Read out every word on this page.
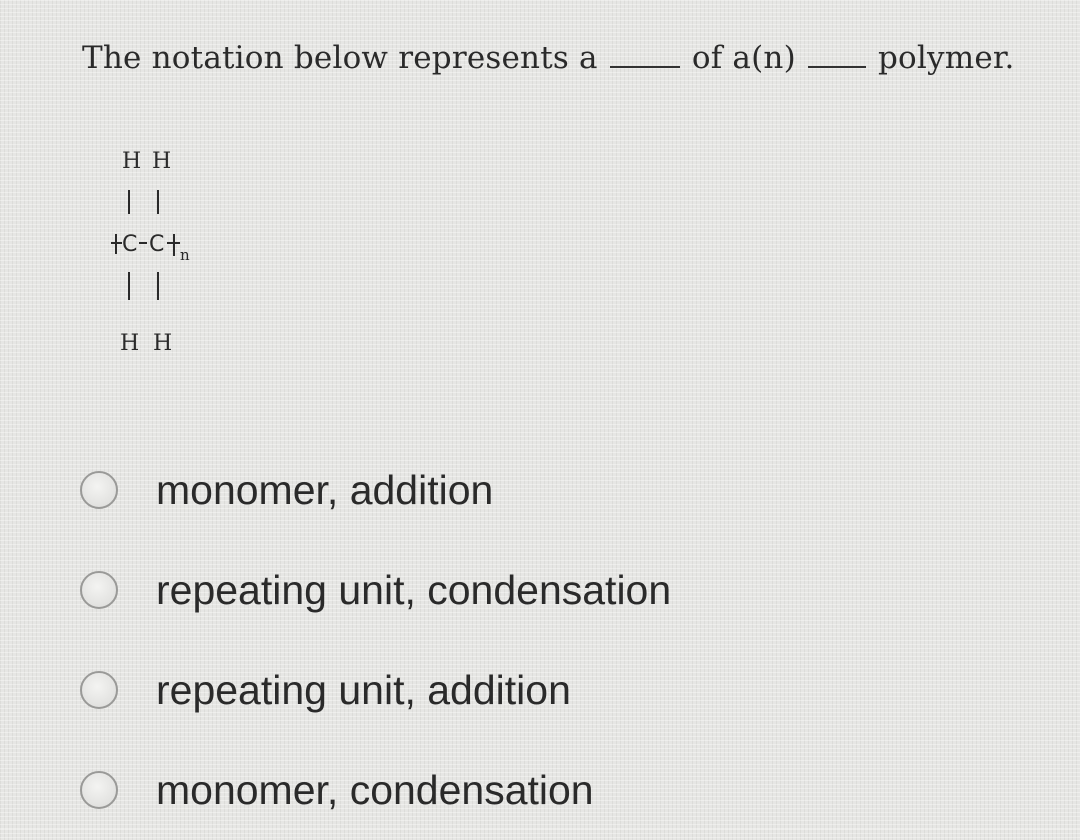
The notation below represents a	of a(n)	polymer.
H H
C C n
H H
monomer, addition
repeating unit, condensation
repeating unit, addition
monomer, condensation
